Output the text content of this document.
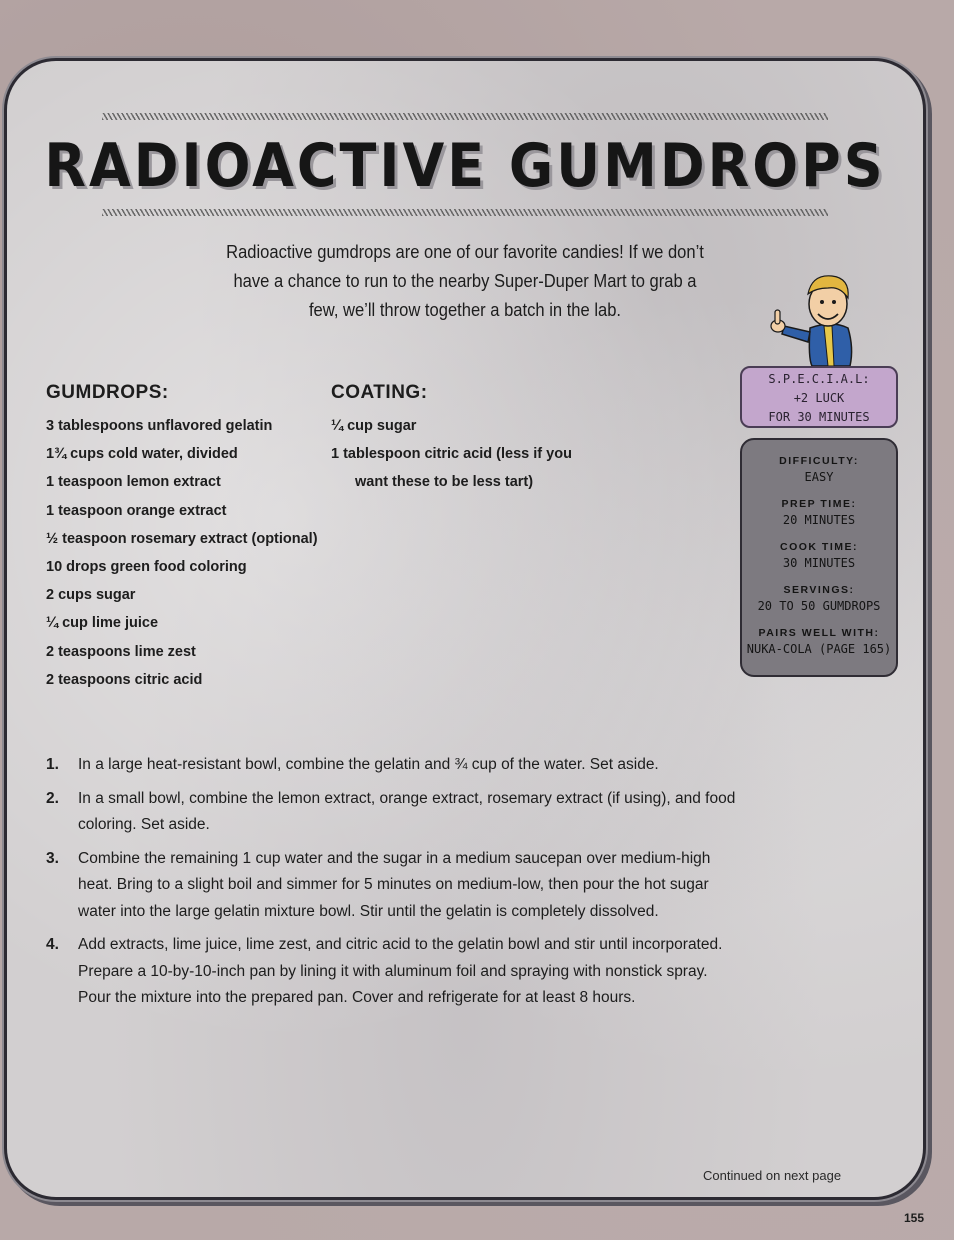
RADIOACTIVE GUMDROPS

Radioactive gumdrops are one of our favorite candies! If we don’t have a chance to run to the nearby Super-Duper Mart to grab a few, we’ll throw together a batch in the lab.

GUMDROPS:
3 tablespoons unflavored gelatin
1¾ cups cold water, divided
1 teaspoon lemon extract
1 teaspoon orange extract
½ teaspoon rosemary extract (optional)
10 drops green food coloring
2 cups sugar
¼ cup lime juice
2 teaspoons lime zest
2 teaspoons citric acid
COATING:
¼ cup sugar
1 tablespoon citric acid (less if you want these to be less tart)
S.P.E.C.I.A.L:
+2 LUCK
FOR 30 MINUTES
DIFFICULTY:
EASY
PREP TIME:
20 MINUTES
COOK TIME:
30 MINUTES
SERVINGS:
20 TO 50 GUMDROPS
PAIRS WELL WITH:
NUKA-COLA (PAGE 165)
1. In a large heat-resistant bowl, combine the gelatin and ¾ cup of the water. Set aside.
2. In a small bowl, combine the lemon extract, orange extract, rosemary extract (if using), and food coloring. Set aside.
3. Combine the remaining 1 cup water and the sugar in a medium saucepan over medium-high heat. Bring to a slight boil and simmer for 5 minutes on medium-low, then pour the hot sugar water into the large gelatin mixture bowl. Stir until the gelatin is completely dissolved.
4. Add extracts, lime juice, lime zest, and citric acid to the gelatin bowl and stir until incorporated. Prepare a 10-by-10-inch pan by lining it with aluminum foil and spraying with nonstick spray. Pour the mixture into the prepared pan. Cover and refrigerate for at least 8 hours.
Continued on next page
155
